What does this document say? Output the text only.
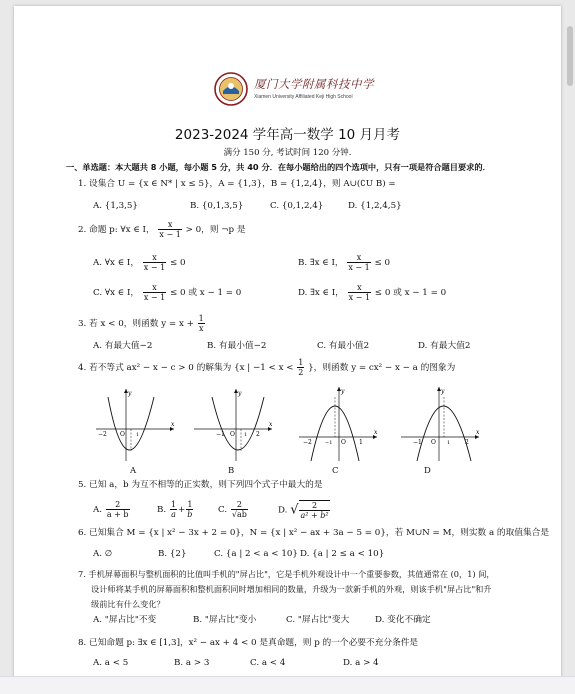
厦门大学附属科技中学
Xiamen University Affiliated Keji High School
2023-2024 学年高一数学 10 月月考
满分 150 分, 考试时间 120 分钟.
一、单选题：本大题共 8 小题，每小题 5 分，共 40 分．在每小题给出的四个选项中，只有一项是符合题目要求的．
1. 设集合 U = {x ∈ N* | x ≤ 5}，A = {1,3}，B = {1,2,4}，则 A∪(∁U B) =
A. {1,3,5}	B. {0,1,3,5}	C. {0,1,2,4}	D. {1,2,4,5}
2. 命题 p: ∀x ∈ I， $\frac{x}{x - 1} > 0$，则 ¬p 是
A. ∀x ∈ I， $\frac{x}{x - 1} \le 0$	B. ∃x ∈ I， $\frac{x}{x - 1} \le 0$
C. ∀x ∈ I， $\frac{x}{x - 1} \le 0$ 或 x − 1 = 0	D. ∃x ∈ I， $\frac{x}{x - 1} \le 0$ 或 x − 1 = 0
3. 若 x < 0，则函数 $y = x + \frac{1}{x}$
A. 有最大值−2	B. 有最小值−2	C. 有最小值2	D. 有最大值2
4. 若不等式 ax² − x − c > 0 的解集为 {x | $-1 < x < \frac{1}{2}$ }，则函数 y = cx² − x − a 的图象为
y
x
−2 O 1
y
x
−1 O 1 2
y
x
−2	−1 O 1
y
x
−1 O 1 2
A	B	C	D
5. 已知 a，b 为互不相等的正实数，则下列四个式子中最大的是
A. $\frac{2}{a + b}$	B. $\frac{1}{a} + \frac{1}{b}$	C. $\frac{2}{√ab}$	D. √ $\frac{2}{\text{a² + b²}}$
6. 已知集合 M = {x | x² − 3x + 2 = 0}，N = {x | x² − ax + 3a − 5 = 0}，若 M∪N = M，则实数 a 的取值集合是
A. ∅	B. {2}	C. {a | 2 < a < 10} D. {a | 2 ≤ a < 10}
7. 手机屏幕面积与整机面积的比值叫手机的"屏占比"，它是手机外观设计中一个重要参数，其值通常在 (0，1) 间，
设计师将某手机的屏幕面积和整机面积同时增加相同的数量，升级为一款新手机的外观，则该手机"屏占比"和升
级前比有什么变化？
A. "屏占比"不变	B. "屏占比"变小	C. "屏占比"变大	D. 变化不确定
8. 已知命题 p: ∃x ∈ [1,3]，x² − ax + 4 < 0 是真命题，则 p 的一个必要不充分条件是
A. a < 5	B. a > 3	C. a < 4	D. a > 4
